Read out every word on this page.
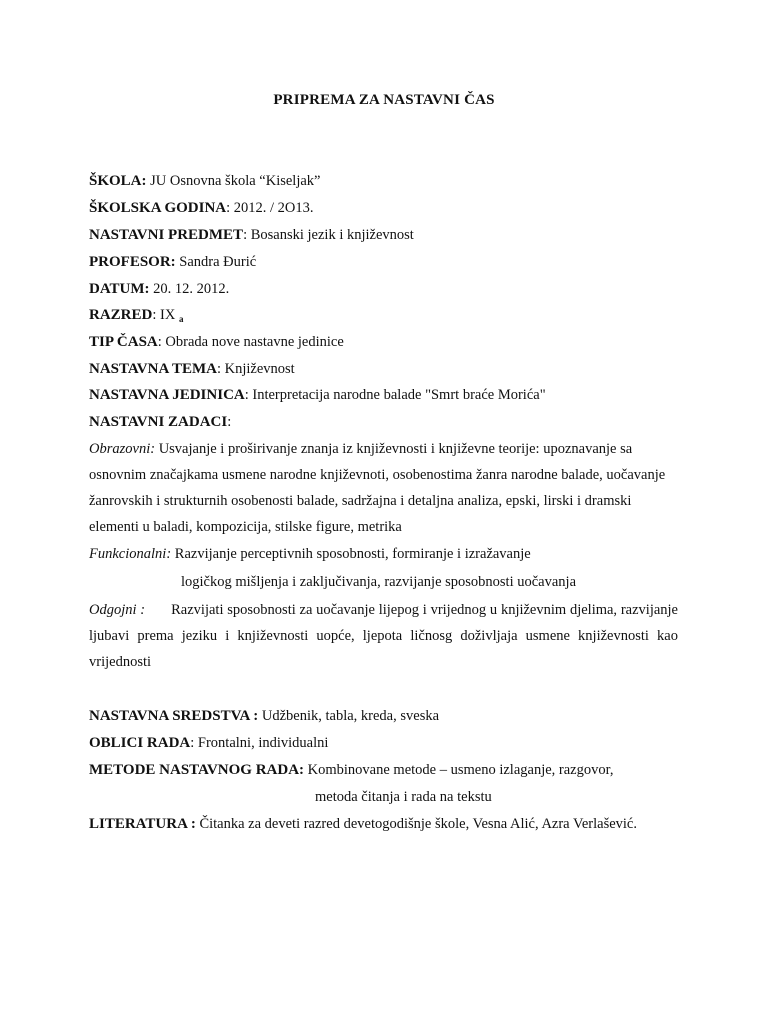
PRIPREMA ZA NASTAVNI ČAS
ŠKOLA: JU Osnovna škola “Kiseljak”
ŠKOLSKA GODINA: 2012. / 2O13.
NASTAVNI PREDMET: Bosanski jezik i književnost
PROFESOR: Sandra Đurić
DATUM: 20. 12. 2012.
RAZRED: IX $_a$
TIP ČASA: Obrada nove nastavne jedinice
NASTAVNA TEMA: Književnost
NASTAVNA JEDINICA: Interpretacija narodne balade "Smrt braće Morića"
NASTAVNI ZADACI:
Obrazovni: Usvajanje i proširivanje znanja iz književnosti i književne teorije: upoznavanje sa osnovnim značajkama usmene narodne književnoti, osobenostima žanra narodne balade, uočavanje žanrovskih i strukturnih osobenosti balade, sadržajna i detaljna analiza, epski, lirski i dramski elementi u baladi, kompozicija, stilske figure, metrika
Funkcionalni: Razvijanje perceptivnih sposobnosti, formiranje i izražavanje
logičkog mišljenja i zaključivanja, razvijanje sposobnosti uočavanja
Odgojni : Razvijati sposobnosti za uočavanje lijepog i vrijednog u književnim djelima, razvijanje ljubavi prema jeziku i književnosti uopće, ljepota ličnosg doživljaja usmene književnosti kao vrijednosti
NASTAVNA SREDSTVA : Udžbenik, tabla, kreda, sveska
OBLICI RADA: Frontalni, individualni
METODE NASTAVNOG RADA: Kombinovane metode – usmeno izlaganje, razgovor,
metoda čitanja i rada na tekstu
LITERATURA : Čitanka za deveti razred devetogodišnje škole, Vesna Alić, Azra Verlašević.
